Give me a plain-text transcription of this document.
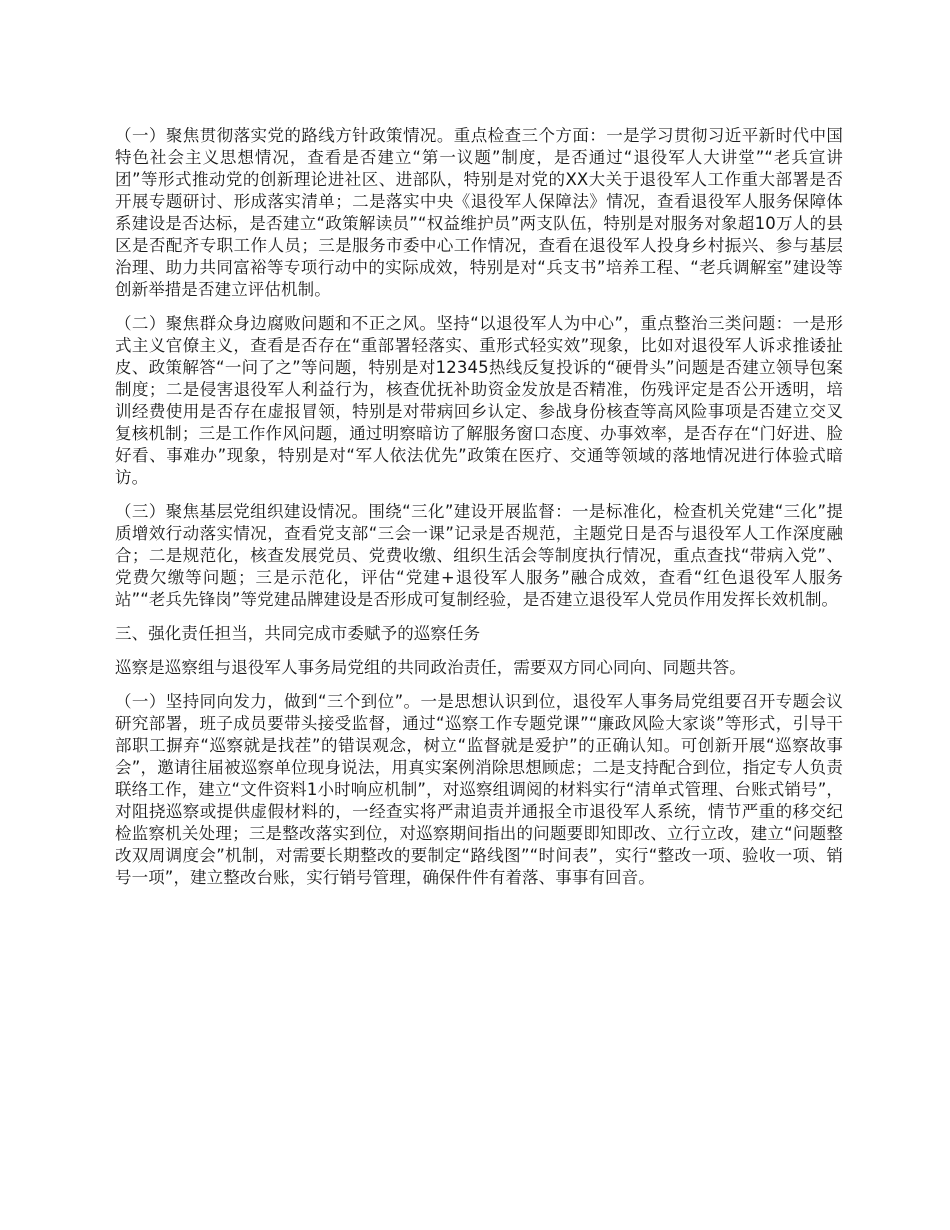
（一）聚焦贯彻落实党的路线方针政策情况。重点检查三个方面：一是学习贯彻习近平新时代中国特色社会主义思想情况，查看是否建立“第一议题”制度，是否通过“退役军人大讲堂”“老兵宣讲团”等形式推动党的创新理论进社区、进部队，特别是对党的XX大关于退役军人工作重大部署是否开展专题研讨、形成落实清单；二是落实中央《退役军人保障法》情况，查看退役军人服务保障体系建设是否达标，是否建立“政策解读员”“权益维护员”两支队伍，特别是对服务对象超10万人的县区是否配齐专职工作人员；三是服务市委中心工作情况，查看在退役军人投身乡村振兴、参与基层治理、助力共同富裕等专项行动中的实际成效，特别是对“兵支书”培养工程、“老兵调解室”建设等创新举措是否建立评估机制。

（二）聚焦群众身边腐败问题和不正之风。坚持“以退役军人为中心”，重点整治三类问题：一是形式主义官僚主义，查看是否存在“重部署轻落实、重形式轻实效”现象，比如对退役军人诉求推诿扯皮、政策解答“一问了之”等问题，特别是对12345热线反复投诉的“硬骨头”问题是否建立领导包案制度；二是侵害退役军人利益行为，核查优抚补助资金发放是否精准，伤残评定是否公开透明，培训经费使用是否存在虚报冒领，特别是对带病回乡认定、参战身份核查等高风险事项是否建立交叉复核机制；三是工作作风问题，通过明察暗访了解服务窗口态度、办事效率，是否存在“门好进、脸好看、事难办”现象，特别是对“军人依法优先”政策在医疗、交通等领域的落地情况进行体验式暗访。

（三）聚焦基层党组织建设情况。围绕“三化”建设开展监督：一是标准化，检查机关党建“三化”提质增效行动落实情况，查看党支部“三会一课”记录是否规范，主题党日是否与退役军人工作深度融合；二是规范化，核查发展党员、党费收缴、组织生活会等制度执行情况，重点查找“带病入党”、党费欠缴等问题；三是示范化，评估“党建+退役军人服务”融合成效，查看“红色退役军人服务站”“老兵先锋岗”等党建品牌建设是否形成可复制经验，是否建立退役军人党员作用发挥长效机制。

三、强化责任担当，共同完成市委赋予的巡察任务

巡察是巡察组与退役军人事务局党组的共同政治责任，需要双方同心同向、同题共答。

（一）坚持同向发力，做到“三个到位”。一是思想认识到位，退役军人事务局党组要召开专题会议研究部署，班子成员要带头接受监督，通过“巡察工作专题党课”“廉政风险大家谈”等形式，引导干部职工摒弃“巡察就是找茬”的错误观念，树立“监督就是爱护”的正确认知。可创新开展“巡察故事会”，邀请往届被巡察单位现身说法，用真实案例消除思想顾虑；二是支持配合到位，指定专人负责联络工作，建立“文件资料1小时响应机制”，对巡察组调阅的材料实行“清单式管理、台账式销号”，对阻挠巡察或提供虚假材料的，一经查实将严肃追责并通报全市退役军人系统，情节严重的移交纪检监察机关处理；三是整改落实到位，对巡察期间指出的问题要即知即改、立行立改，建立“问题整改双周调度会”机制，对需要长期整改的要制定“路线图”“时间表”，实行“整改一项、验收一项、销号一项”，建立整改台账，实行销号管理，确保件件有着落、事事有回音。
